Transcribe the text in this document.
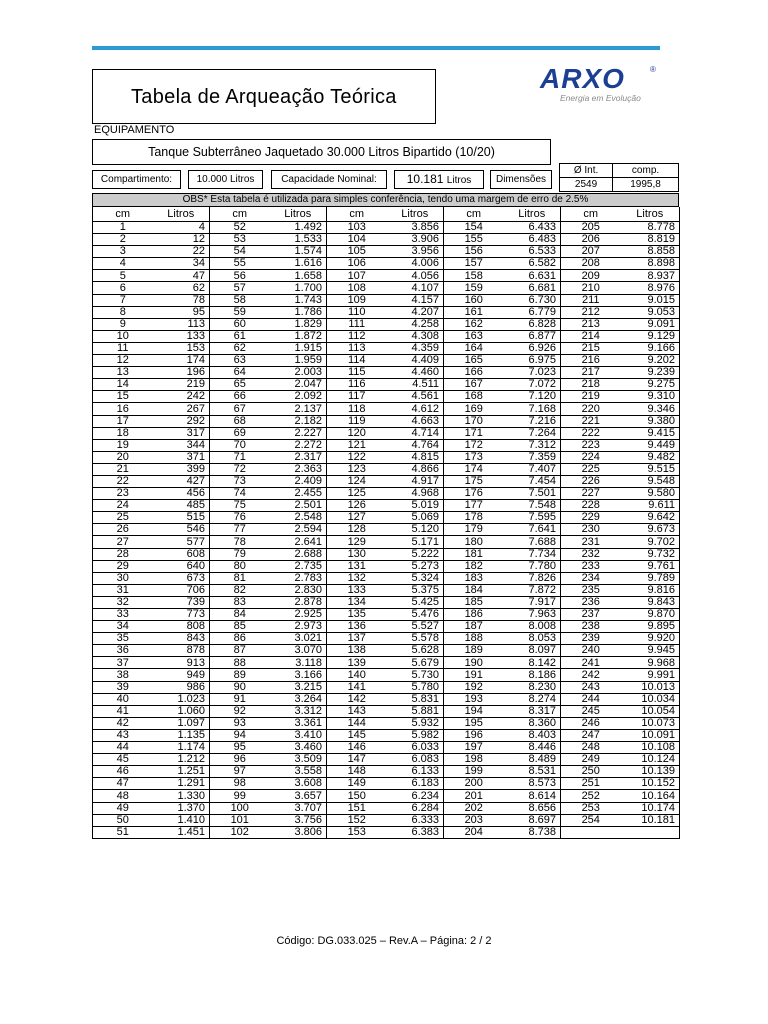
Tabela de Arqueação Teórica
ARXO	®
Energia em Evolução
EQUIPAMENTO
Tanque Subterrâneo Jaquetado 30.000 Litros Bipartido (10/20)
Compartimento:	10.000 Litros	Capacidade Nominal:	10.181 Litros	Dimensões
Ø Int.	comp.
2549	1995,8
OBS* Esta tabela é utilizada para simples conferência, tendo uma margem de erro de 2.5%
cm	Litros	cm	Litros	cm	Litros	cm	Litros	cm	Litros
1	4	52	1.492	103	3.856	154	6.433	205	8.778
2	12	53	1.533	104	3.906	155	6.483	206	8.819
3	22	54	1.574	105	3.956	156	6.533	207	8.858
4	34	55	1.616	106	4.006	157	6.582	208	8.898
5	47	56	1.658	107	4.056	158	6.631	209	8.937
6	62	57	1.700	108	4.107	159	6.681	210	8.976
7	78	58	1.743	109	4.157	160	6.730	211	9.015
8	95	59	1.786	110	4.207	161	6.779	212	9.053
9	113	60	1.829	111	4.258	162	6.828	213	9.091
10	133	61	1.872	112	4.308	163	6.877	214	9.129
11	153	62	1.915	113	4.359	164	6.926	215	9.166
12	174	63	1.959	114	4.409	165	6.975	216	9.202
13	196	64	2.003	115	4.460	166	7.023	217	9.239
14	219	65	2.047	116	4.511	167	7.072	218	9.275
15	242	66	2.092	117	4.561	168	7.120	219	9.310
16	267	67	2.137	118	4.612	169	7.168	220	9.346
17	292	68	2.182	119	4.663	170	7.216	221	9.380
18	317	69	2.227	120	4.714	171	7.264	222	9.415
19	344	70	2.272	121	4.764	172	7.312	223	9.449
20	371	71	2.317	122	4.815	173	7.359	224	9.482
21	399	72	2.363	123	4.866	174	7.407	225	9.515
22	427	73	2.409	124	4.917	175	7.454	226	9.548
23	456	74	2.455	125	4.968	176	7.501	227	9.580
24	485	75	2.501	126	5.019	177	7.548	228	9.611
25	515	76	2.548	127	5.069	178	7.595	229	9.642
26	546	77	2.594	128	5.120	179	7.641	230	9.673
27	577	78	2.641	129	5.171	180	7.688	231	9.702
28	608	79	2.688	130	5.222	181	7.734	232	9.732
29	640	80	2.735	131	5.273	182	7.780	233	9.761
30	673	81	2.783	132	5.324	183	7.826	234	9.789
31	706	82	2.830	133	5.375	184	7.872	235	9.816
32	739	83	2.878	134	5.425	185	7.917	236	9.843
33	773	84	2.925	135	5.476	186	7.963	237	9.870
34	808	85	2.973	136	5.527	187	8.008	238	9.895
35	843	86	3.021	137	5.578	188	8.053	239	9.920
36	878	87	3.070	138	5.628	189	8.097	240	9.945
37	913	88	3.118	139	5.679	190	8.142	241	9.968
38	949	89	3.166	140	5.730	191	8.186	242	9.991
39	986	90	3.215	141	5.780	192	8.230	243	10.013
40	1.023	91	3.264	142	5.831	193	8.274	244	10.034
41	1.060	92	3.312	143	5.881	194	8.317	245	10.054
42	1.097	93	3.361	144	5.932	195	8.360	246	10.073
43	1.135	94	3.410	145	5.982	196	8.403	247	10.091
44	1.174	95	3.460	146	6.033	197	8.446	248	10.108
45	1.212	96	3.509	147	6.083	198	8.489	249	10.124
46	1.251	97	3.558	148	6.133	199	8.531	250	10.139
47	1.291	98	3.608	149	6.183	200	8.573	251	10.152
48	1.330	99	3.657	150	6.234	201	8.614	252	10.164
49	1.370	100	3.707	151	6.284	202	8.656	253	10.174
50	1.410	101	3.756	152	6.333	203	8.697	254	10.181
51	1.451	102	3.806	153	6.383	204	8.738		
Código: DG.033.025 – Rev.A – Página: 2 / 2
